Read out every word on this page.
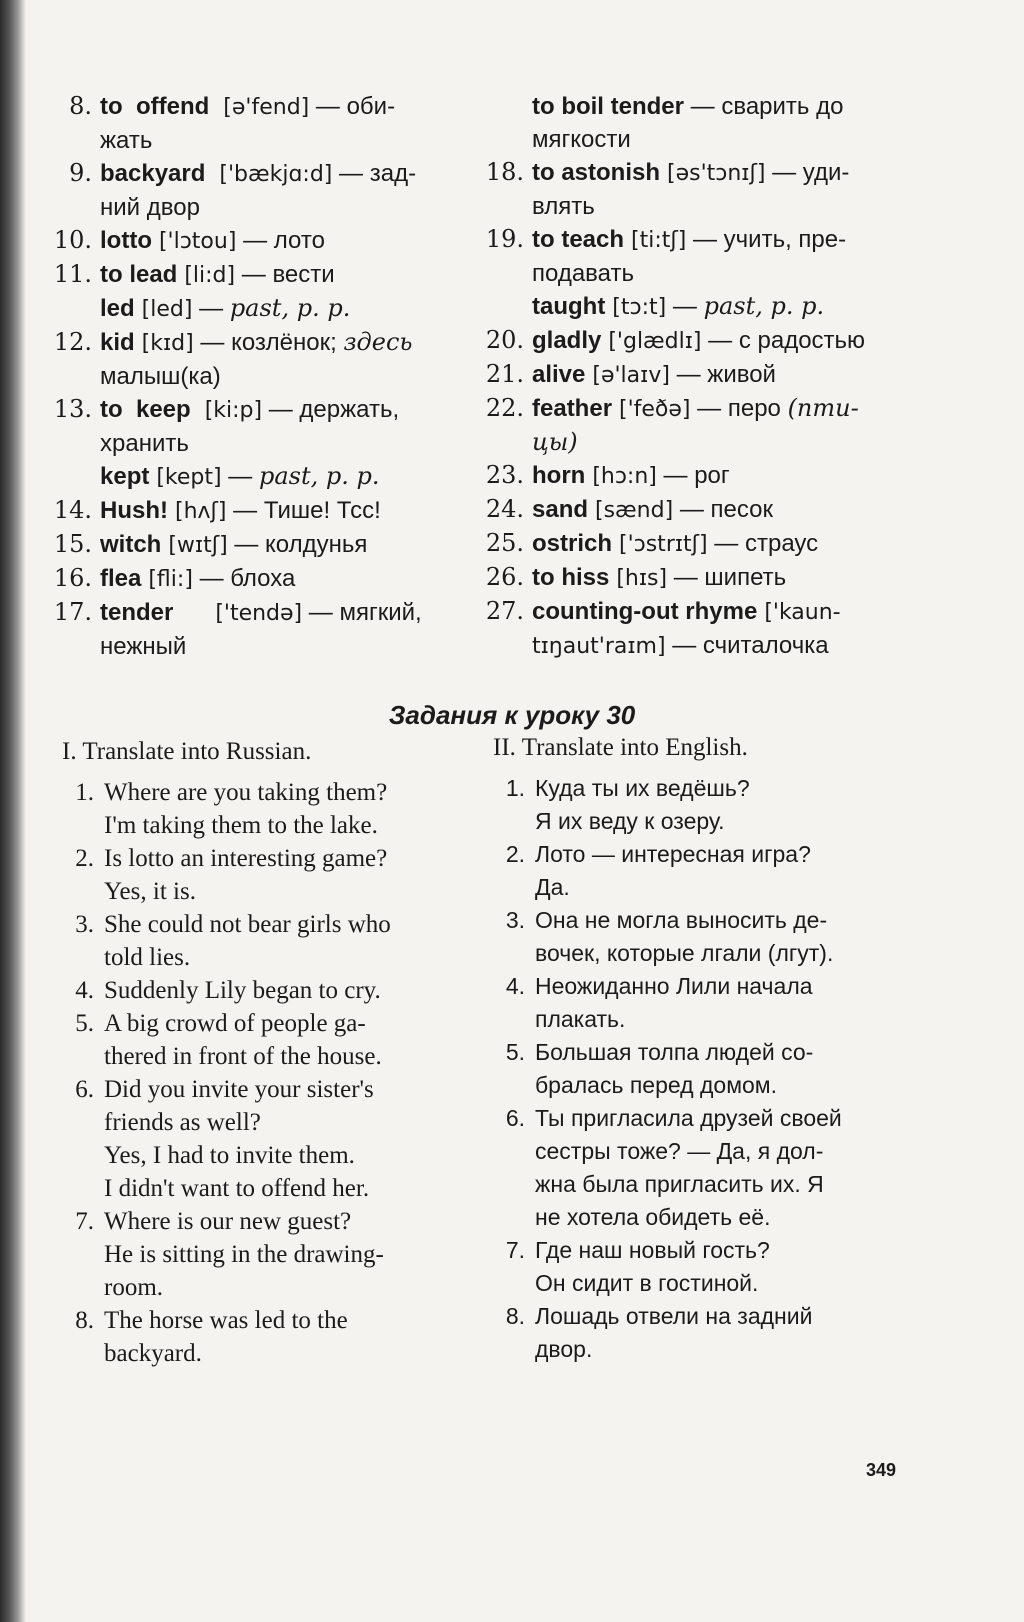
8. to  offend  [ə'fend] — оби-
жать
9. backyard  ['bækjɑ:d] — зад-
ний двор
10. lotto ['lɔtou] — лото
11. to lead [li:d] — вести
led [led] — past, p. p.
12. kid [kɪd] — козлёнок; здесь
малыш(ка)
13. to  keep  [ki:p] — держать,
хранить
kept [kept] — past, p. p.
14. Hush! [hʌʃ] — Тише! Тсс!
15. witch [wɪtʃ] — колдунья
16. flea [fli:] — блоха
17. tender      ['tendə] — мягкий,
нежный
to boil tender — сварить до
мягкости
18. to astonish [əs'tɔnɪʃ] — уди-
влять
19. to teach [ti:tʃ] — учить, пре-
подавать
taught [tɔ:t] — past, p. p.
20. gladly ['glædlɪ] — с радостью
21. alive [ə'laɪv] — живой
22. feather ['feðə] — перо (пти-
цы)
23. horn [hɔ:n] — рог
24. sand [sænd] — песок
25. ostrich ['ɔstrɪtʃ] — страус
26. to hiss [hɪs] — шипеть
27. counting-out rhyme ['kaun-
tɪŋaut'raɪm] — считалочка
Задания к уроку 30
I. Translate into Russian.
1. Where are you taking them?
I'm taking them to the lake.
2. Is lotto an interesting game?
Yes, it is.
3. She could not bear girls who
told lies.
4. Suddenly Lily began to cry.
5. A big crowd of people ga-
thered in front of the house.
6. Did you invite your sister's
friends as well?
Yes, I had to invite them.
I didn't want to offend her.
7. Where is our new guest?
He is sitting in the drawing-
room.
8. The horse was led to the
backyard.
II. Translate into English.
1. Куда ты их ведёшь?
Я их веду к озеру.
2. Лото — интересная игра?
Да.
3. Она не могла выносить де-
вочек, которые лгали (лгут).
4. Неожиданно Лили начала
плакать.
5. Большая толпа людей со-
бралась перед домом.
6. Ты пригласила друзей своей
сестры тоже? — Да, я дол-
жна была пригласить их. Я
не хотела обидеть её.
7. Где наш новый гость?
Он сидит в гостиной.
8. Лошадь отвели на задний
двор.
349
